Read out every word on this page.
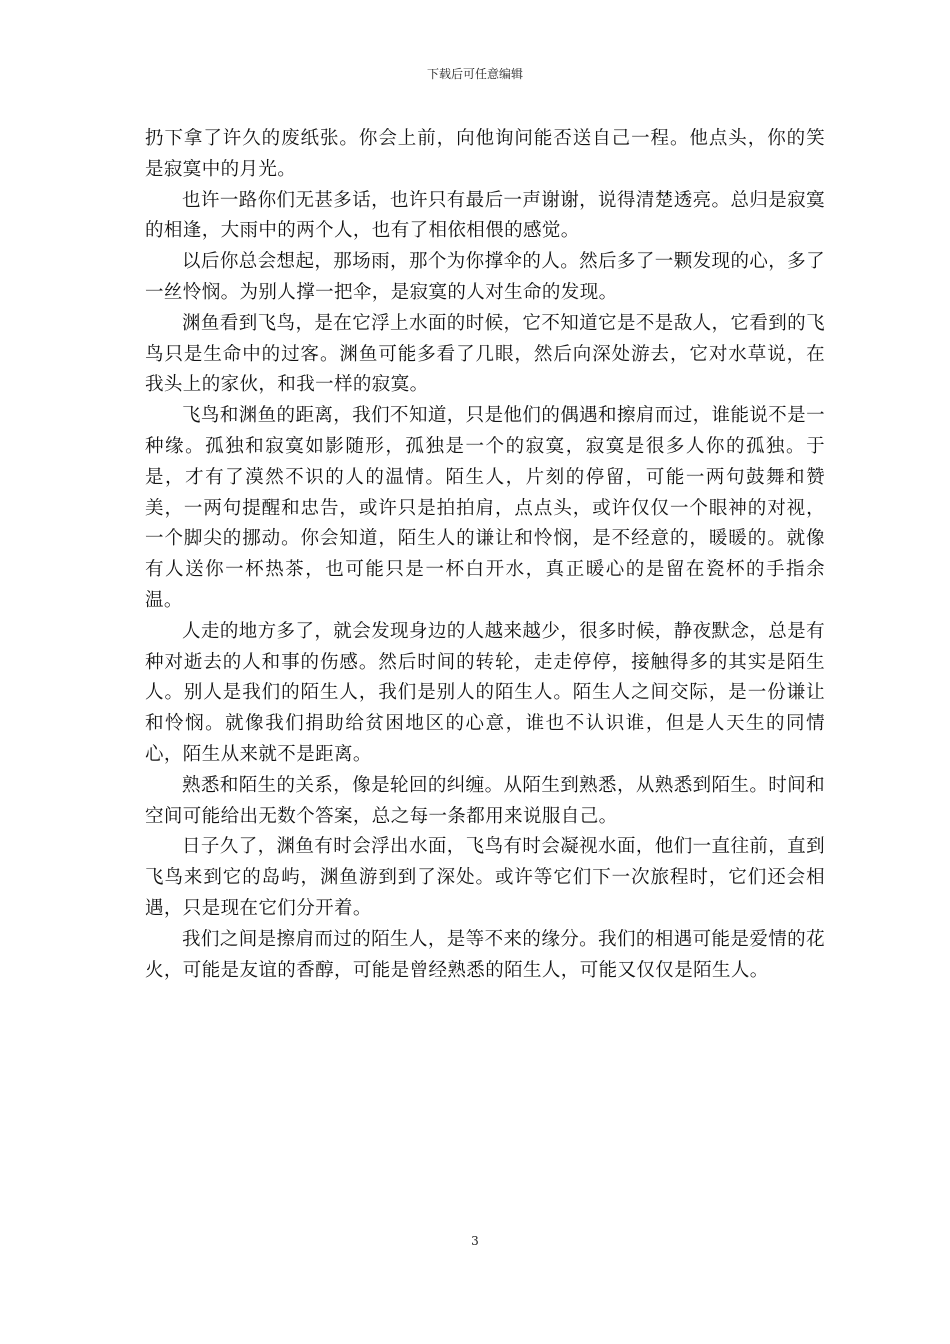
下载后可任意编辑

扔下拿了许久的废纸张。你会上前，向他询问能否送自己一程。他点头，你的笑是寂寞中的月光。

也许一路你们无甚多话，也许只有最后一声谢谢，说得清楚透亮。总归是寂寞的相逢，大雨中的两个人，也有了相依相偎的感觉。

以后你总会想起，那场雨，那个为你撑伞的人。然后多了一颗发现的心，多了一丝怜悯。为别人撑一把伞，是寂寞的人对生命的发现。

渊鱼看到飞鸟，是在它浮上水面的时候，它不知道它是不是敌人，它看到的飞鸟只是生命中的过客。渊鱼可能多看了几眼，然后向深处游去，它对水草说，在我头上的家伙，和我一样的寂寞。

飞鸟和渊鱼的距离，我们不知道，只是他们的偶遇和擦肩而过，谁能说不是一种缘。孤独和寂寞如影随形，孤独是一个的寂寞，寂寞是很多人你的孤独。于是，才有了漠然不识的人的温情。陌生人，片刻的停留，可能一两句鼓舞和赞美，一两句提醒和忠告，或许只是拍拍肩，点点头，或许仅仅一个眼神的对视，一个脚尖的挪动。你会知道，陌生人的谦让和怜悯，是不经意的，暖暖的。就像有人送你一杯热茶，也可能只是一杯白开水，真正暖心的是留在瓷杯的手指余温。

人走的地方多了，就会发现身边的人越来越少，很多时候，静夜默念，总是有种对逝去的人和事的伤感。然后时间的转轮，走走停停，接触得多的其实是陌生人。别人是我们的陌生人，我们是别人的陌生人。陌生人之间交际，是一份谦让和怜悯。就像我们捐助给贫困地区的心意，谁也不认识谁，但是人天生的同情心，陌生从来就不是距离。

熟悉和陌生的关系，像是轮回的纠缠。从陌生到熟悉，从熟悉到陌生。时间和空间可能给出无数个答案，总之每一条都用来说服自己。

日子久了，渊鱼有时会浮出水面，飞鸟有时会凝视水面，他们一直往前，直到飞鸟来到它的岛屿，渊鱼游到到了深处。或许等它们下一次旅程时，它们还会相遇，只是现在它们分开着。

我们之间是擦肩而过的陌生人，是等不来的缘分。我们的相遇可能是爱情的花火，可能是友谊的香醇，可能是曾经熟悉的陌生人，可能又仅仅是陌生人。

3
